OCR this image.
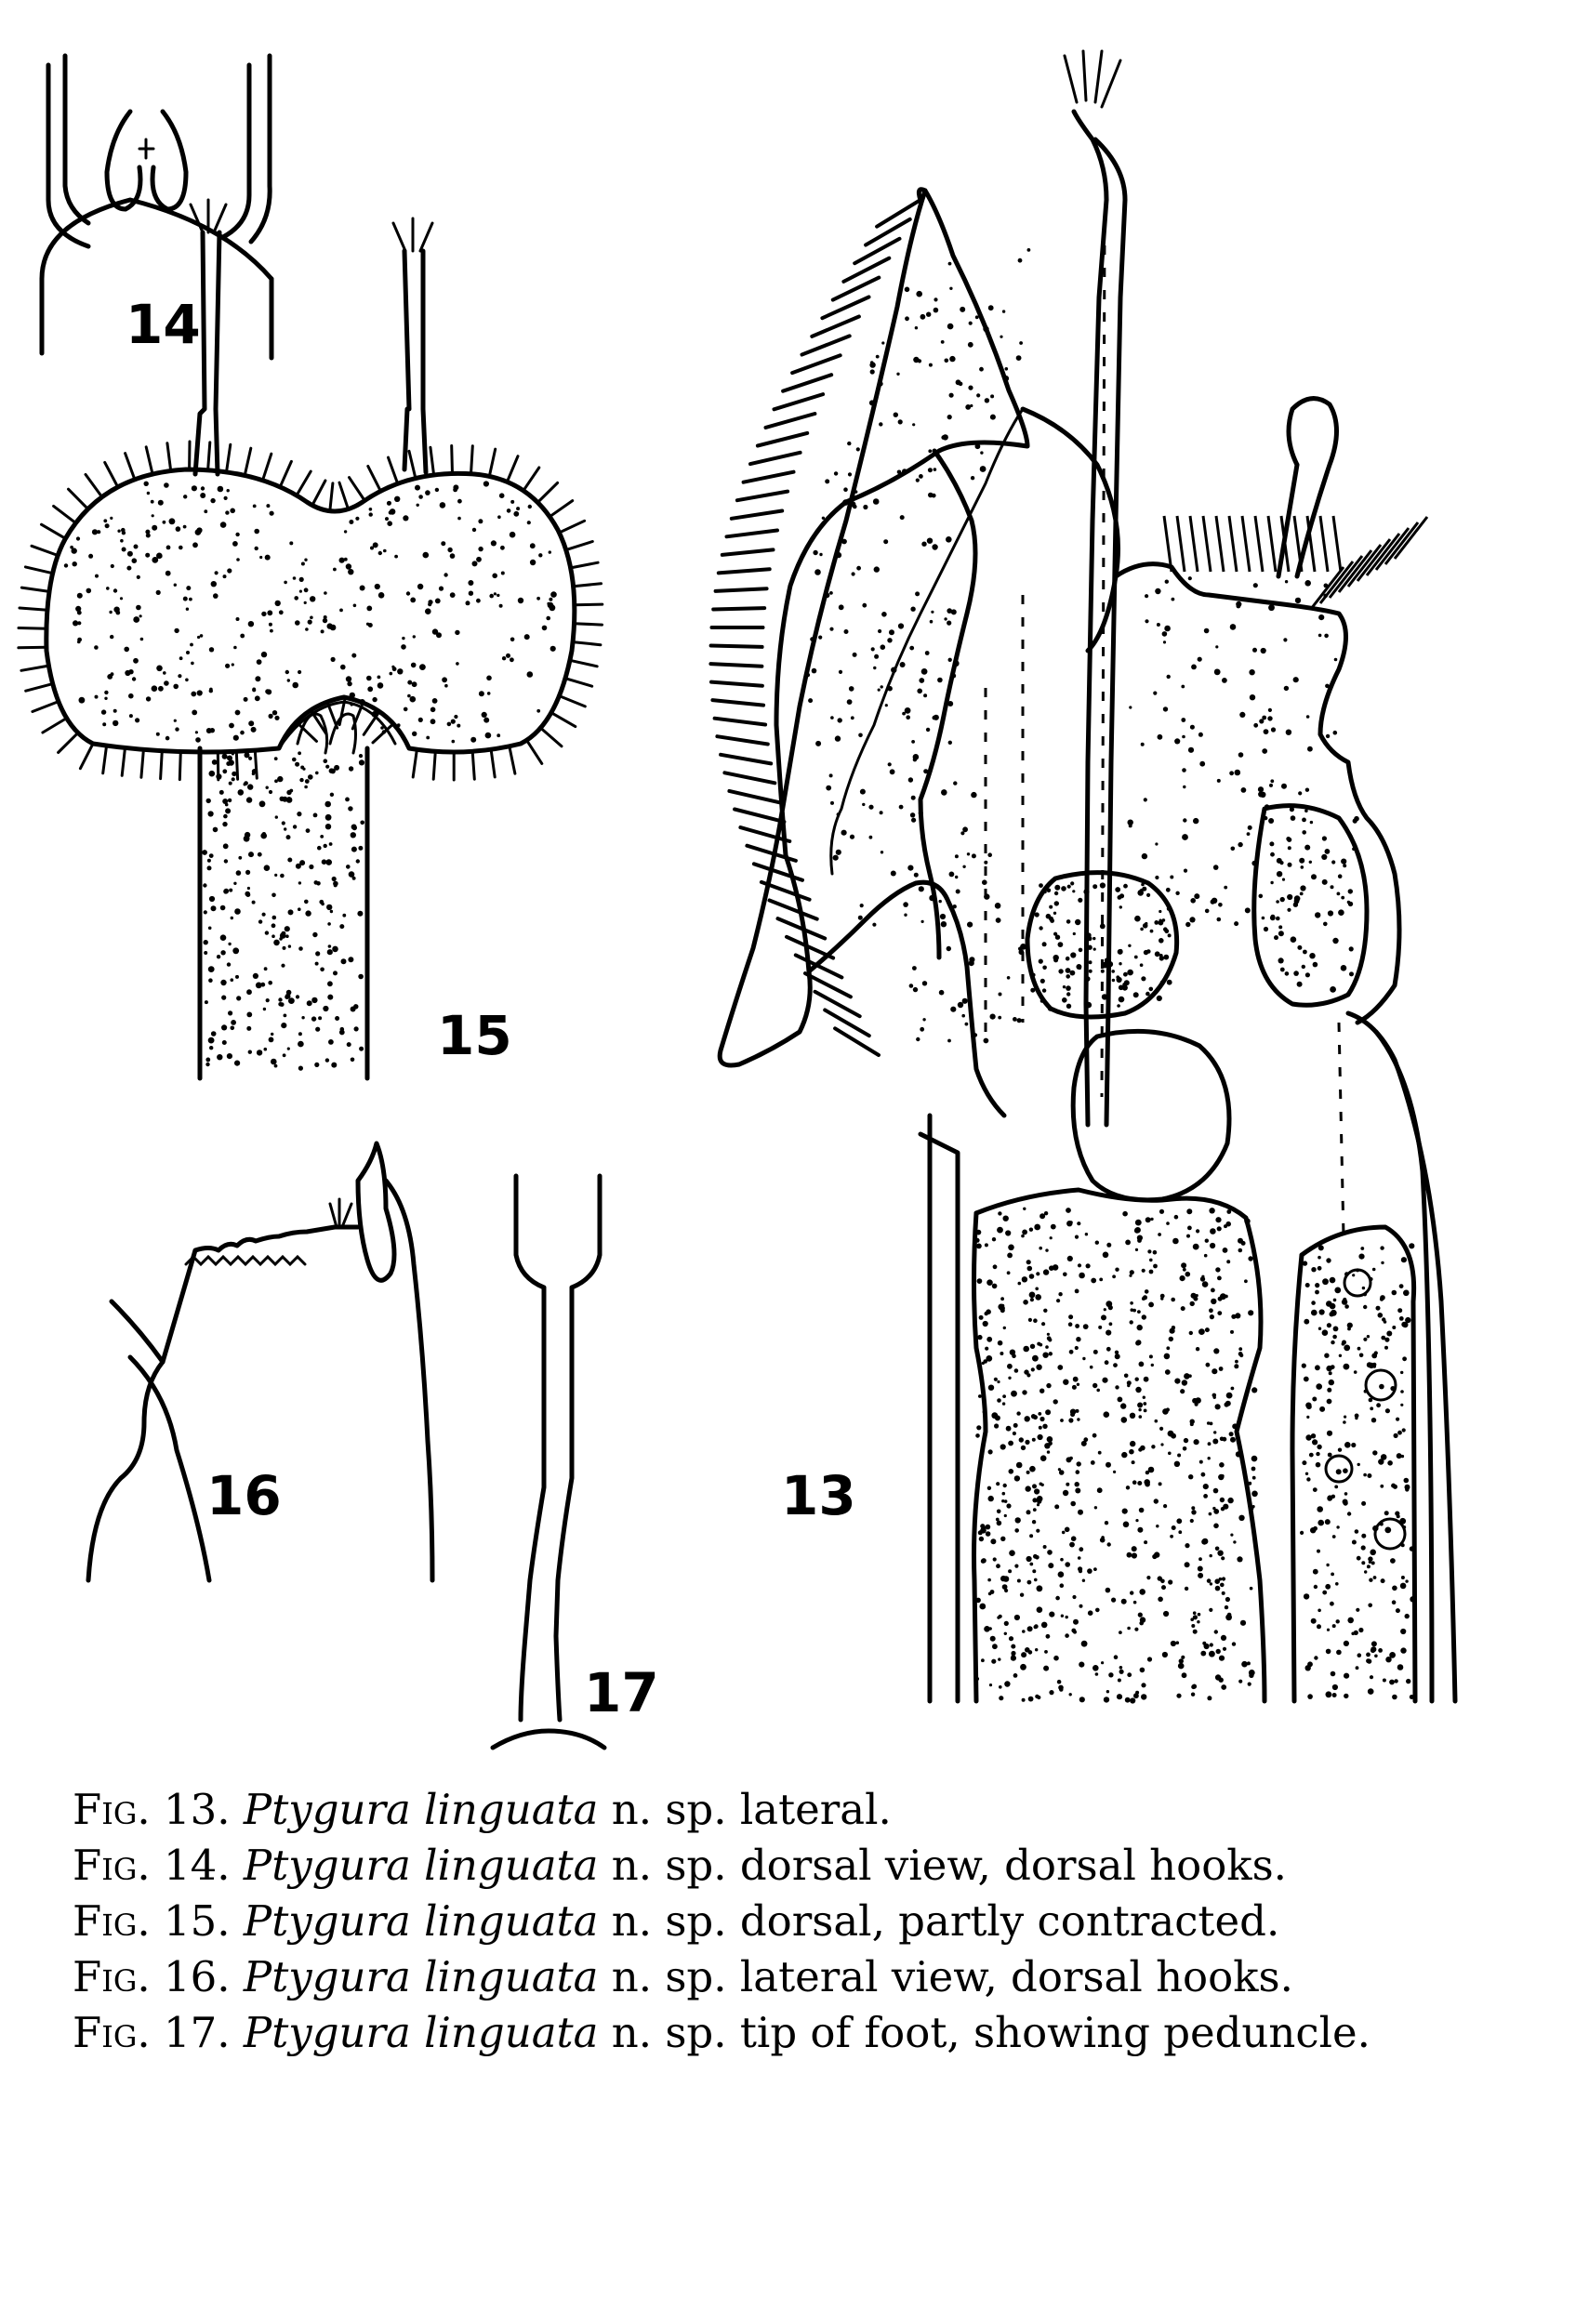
14
15
16
17
13
Fig. 13. Ptygura linguata n. sp. lateral.
Fig. 14. Ptygura linguata n. sp. dorsal view, dorsal hooks.
Fig. 15. Ptygura linguata n. sp. dorsal, partly contracted.
Fig. 16. Ptygura linguata n. sp. lateral view, dorsal hooks.
Fig. 17. Ptygura linguata n. sp. tip of foot, showing peduncle.
